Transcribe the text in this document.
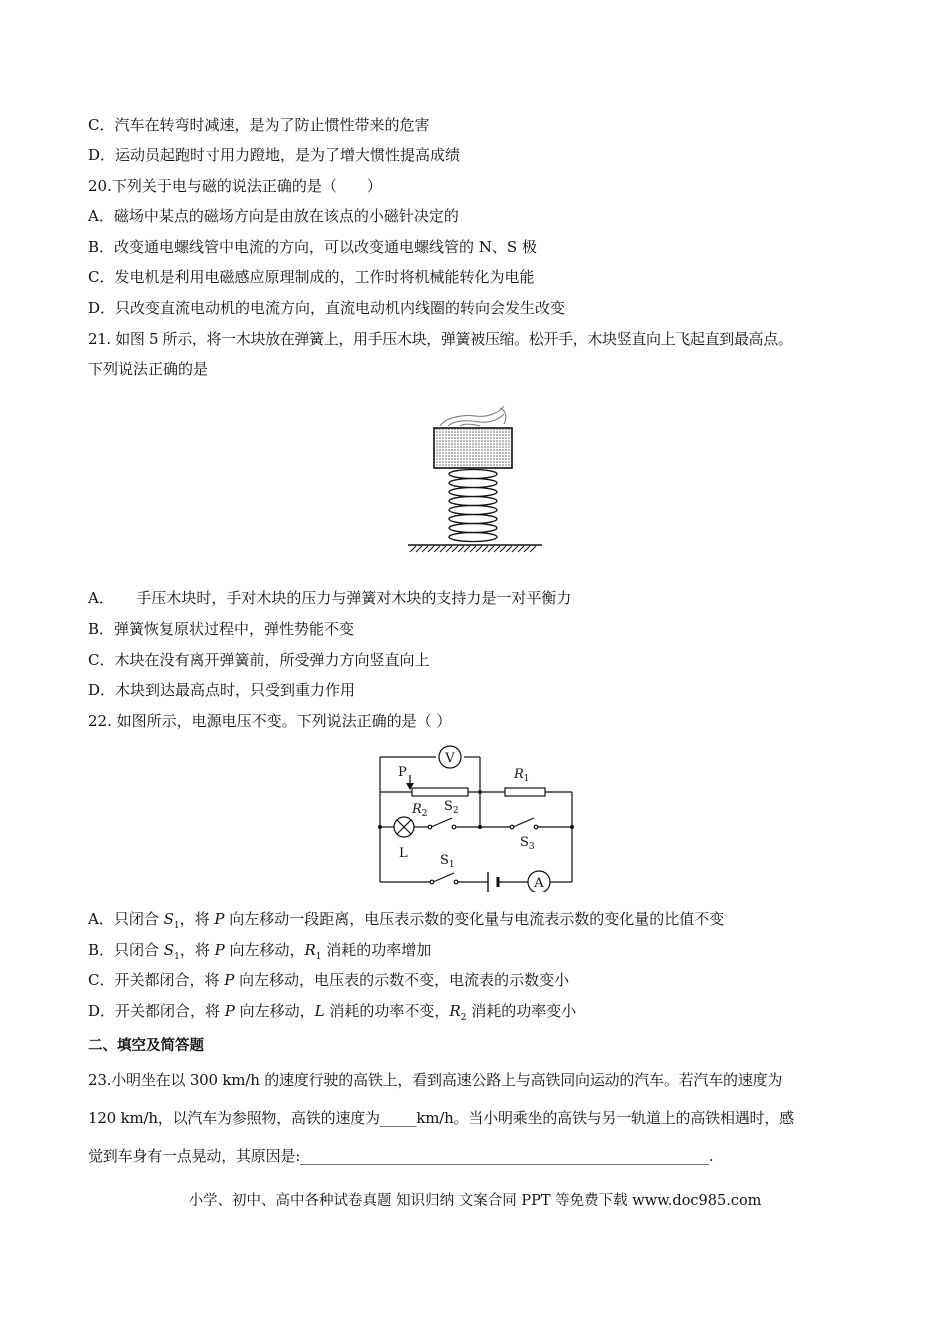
C．汽车在转弯时减速，是为了防止惯性带来的危害
D．运动员起跑时寸用力蹬地，是为了增大惯性提高成绩
20.下列关于电与磁的说法正确的是（　　）
A．磁场中某点的磁场方向是由放在该点的小磁针决定的
B．改变通电螺线管中电流的方向，可以改变通电螺线管的 N、S 极
C．发电机是利用电磁感应原理制成的，工作时将机械能转化为电能
D．只改变直流电动机的电流方向，直流电动机内线圈的转向会发生改变
21. 如图 5 所示，将一木块放在弹簧上，用手压木块，弹簧被压缩。松开手，木块竖直向上飞起直到最高点。
下列说法正确的是
A．　　手压木块时，手对木块的压力与弹簧对木块的支持力是一对平衡力
B．弹簧恢复原状过程中，弹性势能不变
C．木块在没有离开弹簧前，所受弹力方向竖直向上
D．木块到达最高点时，只受到重力作用
22. 如图所示，电源电压不变。下列说法正确的是（ ）
V
P
$R_2$
$R_1$
L
$S_2$
$S_3$
$S_1$
A
A．只闭合 $S_1$，将 P 向左移动一段距离，电压表示数的变化量与电流表示数的变化量的比值不变
B．只闭合 $S_1$，将 P 向左移动，$R_1$ 消耗的功率增加
C．开关都闭合，将 P 向左移动，电压表的示数不变，电流表的示数变小
D．开关都闭合，将 P 向左移动，L 消耗的功率不变，$R_2$ 消耗的功率变小
二、填空及简答题
23.小明坐在以 300 km/h 的速度行驶的高铁上，看到高速公路上与高铁同向运动的汽车。若汽车的速度为
120 km/h，以汽车为参照物，高铁的速度为_____km/h。当小明乘坐的高铁与另一轨道上的高铁相遇时，感
觉到车身有一点晃动，其原因是:________________________________________________________.
小学、初中、高中各种试卷真题 知识归纳 文案合同 PPT 等免费下载 www.doc985.com
